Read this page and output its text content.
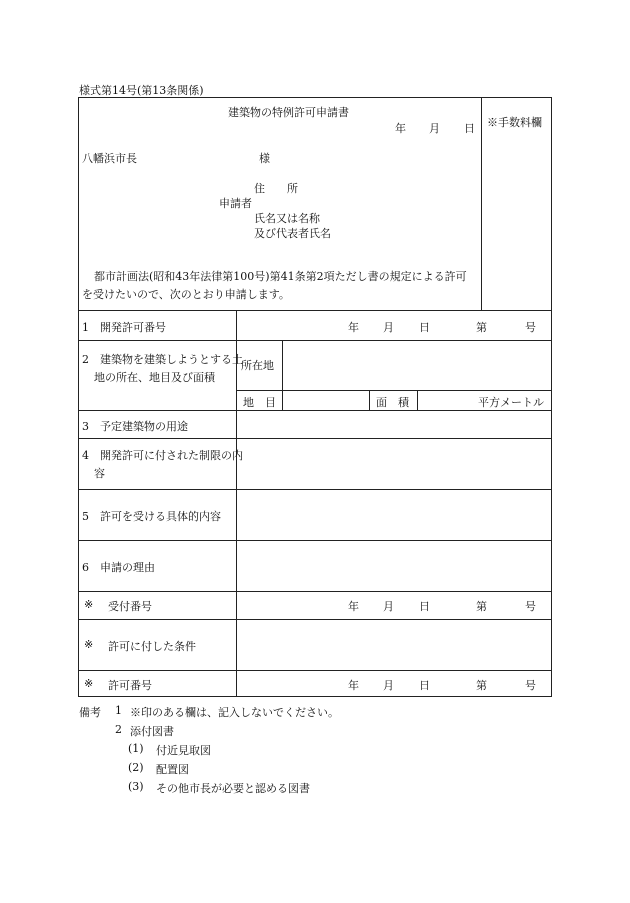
様式第14号(第13条関係)
建築物の特例許可申請書
年 月 日 ※手数料欄
八幡浜市長	様
住　　所
申請者
氏名又は名称
及び代表者氏名
都市計画法(昭和43年法律第100号)第41条第2項ただし書の規定による許可を受けたいので、次のとおり申請します。
1　開発許可番号	年 月 日	第	号
2　建築物を建築しようとする土地の所在、地目及び面積
所在地
地　目	面　積	平方メートル
3　予定建築物の用途
4　開発許可に付された制限の内容
5　許可を受ける具体的内容
6　申請の理由
※ 受付番号	年 月 日	第	号
※ 許可に付した条件
※ 許可番号	年 月 日	第	号
備考 1 ※印のある欄は、記入しないでください。
2 添付図書
(1) 付近見取図
(2) 配置図
(3) その他市長が必要と認める図書
